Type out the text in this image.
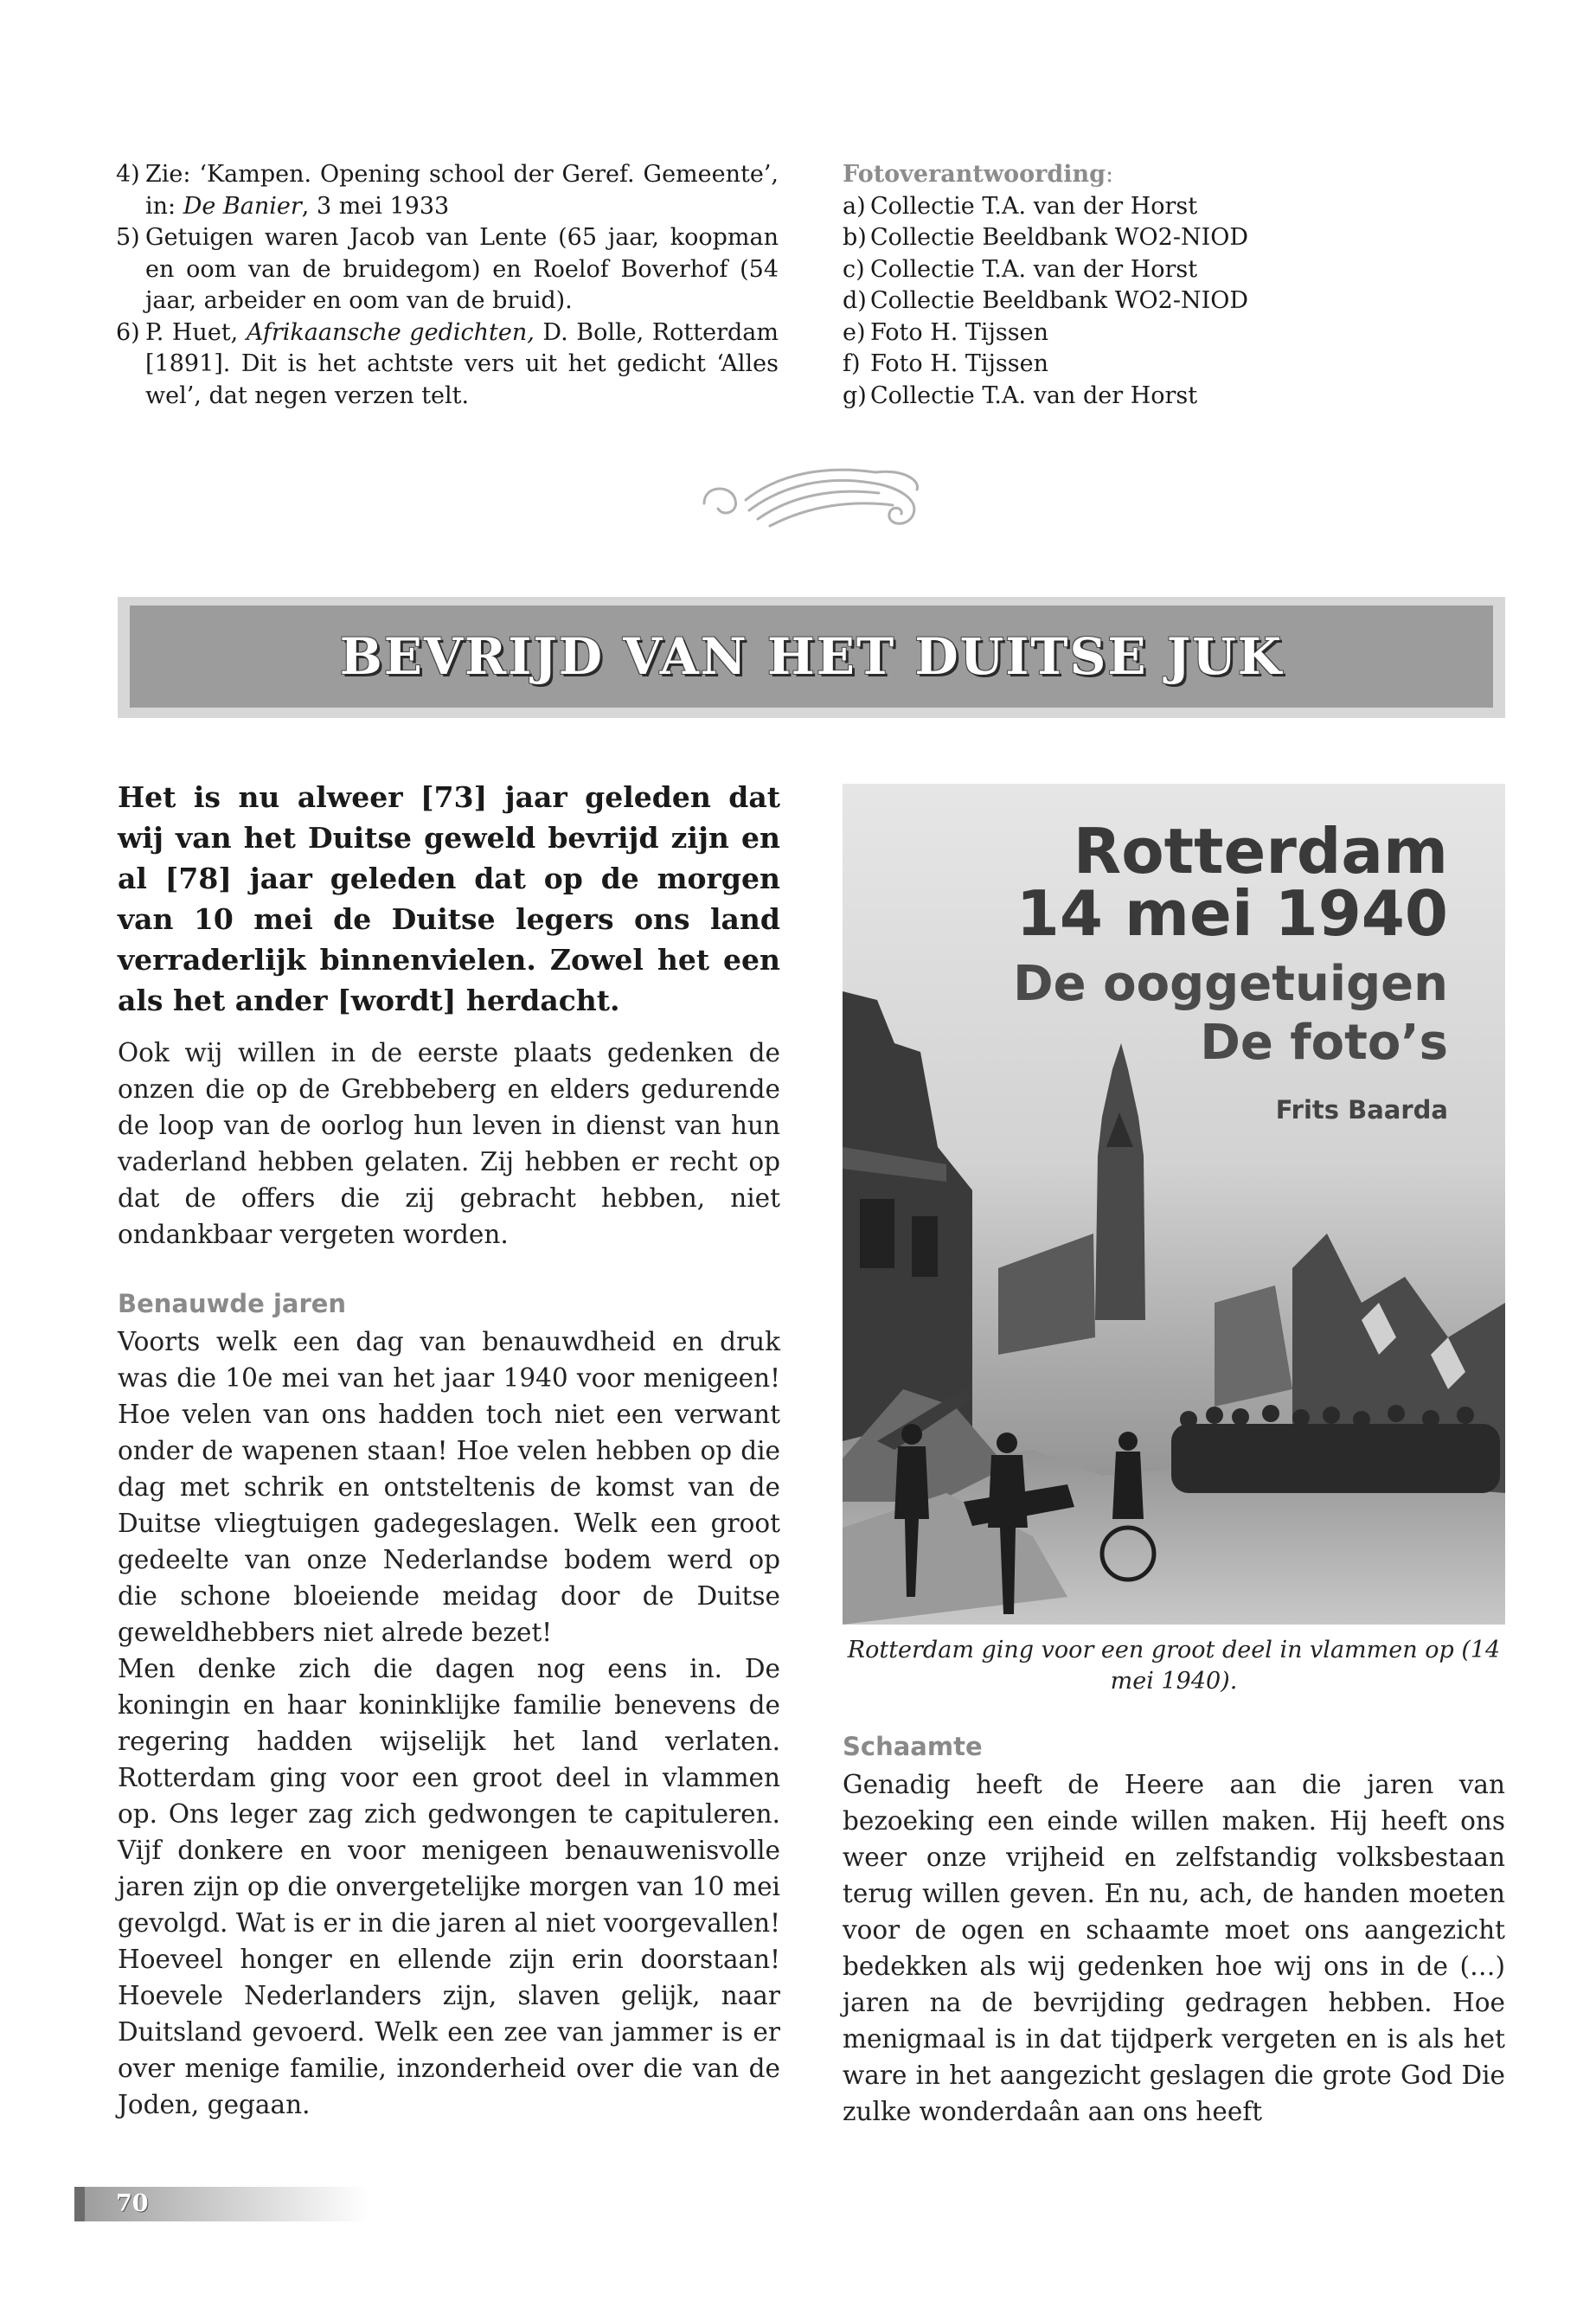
4) Zie: ‘Kampen. Opening school der Geref. Gemeente’, in: De Banier, 3 mei 1933
5) Getuigen waren Jacob van Lente (65 jaar, koopman en oom van de bruidegom) en Roelof Boverhof (54 jaar, arbeider en oom van de bruid).
6) P. Huet, Afrikaansche gedichten, D. Bolle, Rotterdam [1891]. Dit is het achtste vers uit het gedicht ‘Alles wel’, dat negen verzen telt.
Fotoverantwoording:
a) Collectie T.A. van der Horst
b) Collectie Beeldbank WO2-NIOD
c) Collectie T.A. van der Horst
d) Collectie Beeldbank WO2-NIOD
e) Foto H. Tijssen
f) Foto H. Tijssen
g) Collectie T.A. van der Horst
BEVRIJD VAN HET DUITSE JUK

Het is nu alweer [73] jaar geleden dat wij van het Duitse geweld bevrijd zijn en al [78] jaar geleden dat op de morgen van 10 mei de Duitse legers ons land verraderlijk binnenvielen. Zowel het een als het ander [wordt] herdacht.

Ook wij willen in de eerste plaats gedenken de onzen die op de Grebbeberg en elders gedurende de loop van de oorlog hun leven in dienst van hun vaderland hebben gelaten. Zij hebben er recht op dat de offers die zij gebracht hebben, niet ondankbaar vergeten worden.

Benauwde jaren

Voorts welk een dag van benauwdheid en druk was die 10e mei van het jaar 1940 voor menigeen! Hoe velen van ons hadden toch niet een verwant onder de wapenen staan! Hoe velen hebben op die dag met schrik en ontsteltenis de komst van de Duitse vliegtuigen gadegeslagen. Welk een groot gedeelte van onze Nederlandse bodem werd op die schone bloeiende meidag door de Duitse geweldhebbers niet alrede bezet!

Men denke zich die dagen nog eens in. De koningin en haar koninklijke familie benevens de regering hadden wijselijk het land verlaten. Rotterdam ging voor een groot deel in vlammen op. Ons leger zag zich gedwongen te capituleren. Vijf donkere en voor menigeen benauwenisvolle jaren zijn op die onvergetelijke morgen van 10 mei gevolgd. Wat is er in die jaren al niet voorgevallen! Hoeveel honger en ellende zijn erin doorstaan! Hoevele Nederlanders zijn, slaven gelijk, naar Duitsland gevoerd. Welk een zee van jammer is er over menige familie, inzonderheid over die van de Joden, gegaan.

Rotterdam
14 mei 1940
De ooggetuigen
De foto’s
Frits Baarda
Rotterdam ging voor een groot deel in vlammen op (14 mei 1940).
Schaamte

Genadig heeft de Heere aan die jaren van bezoeking een einde willen maken. Hij heeft ons weer onze vrijheid en zelfstandig volksbestaan terug willen geven. En nu, ach, de handen moeten voor de ogen en schaamte moet ons aangezicht bedekken als wij gedenken hoe wij ons in de (…) jaren na de bevrijding gedragen hebben. Hoe menigmaal is in dat tijdperk vergeten en is als het ware in het aangezicht geslagen die grote God Die zulke wonderdaân aan ons heeft

70
